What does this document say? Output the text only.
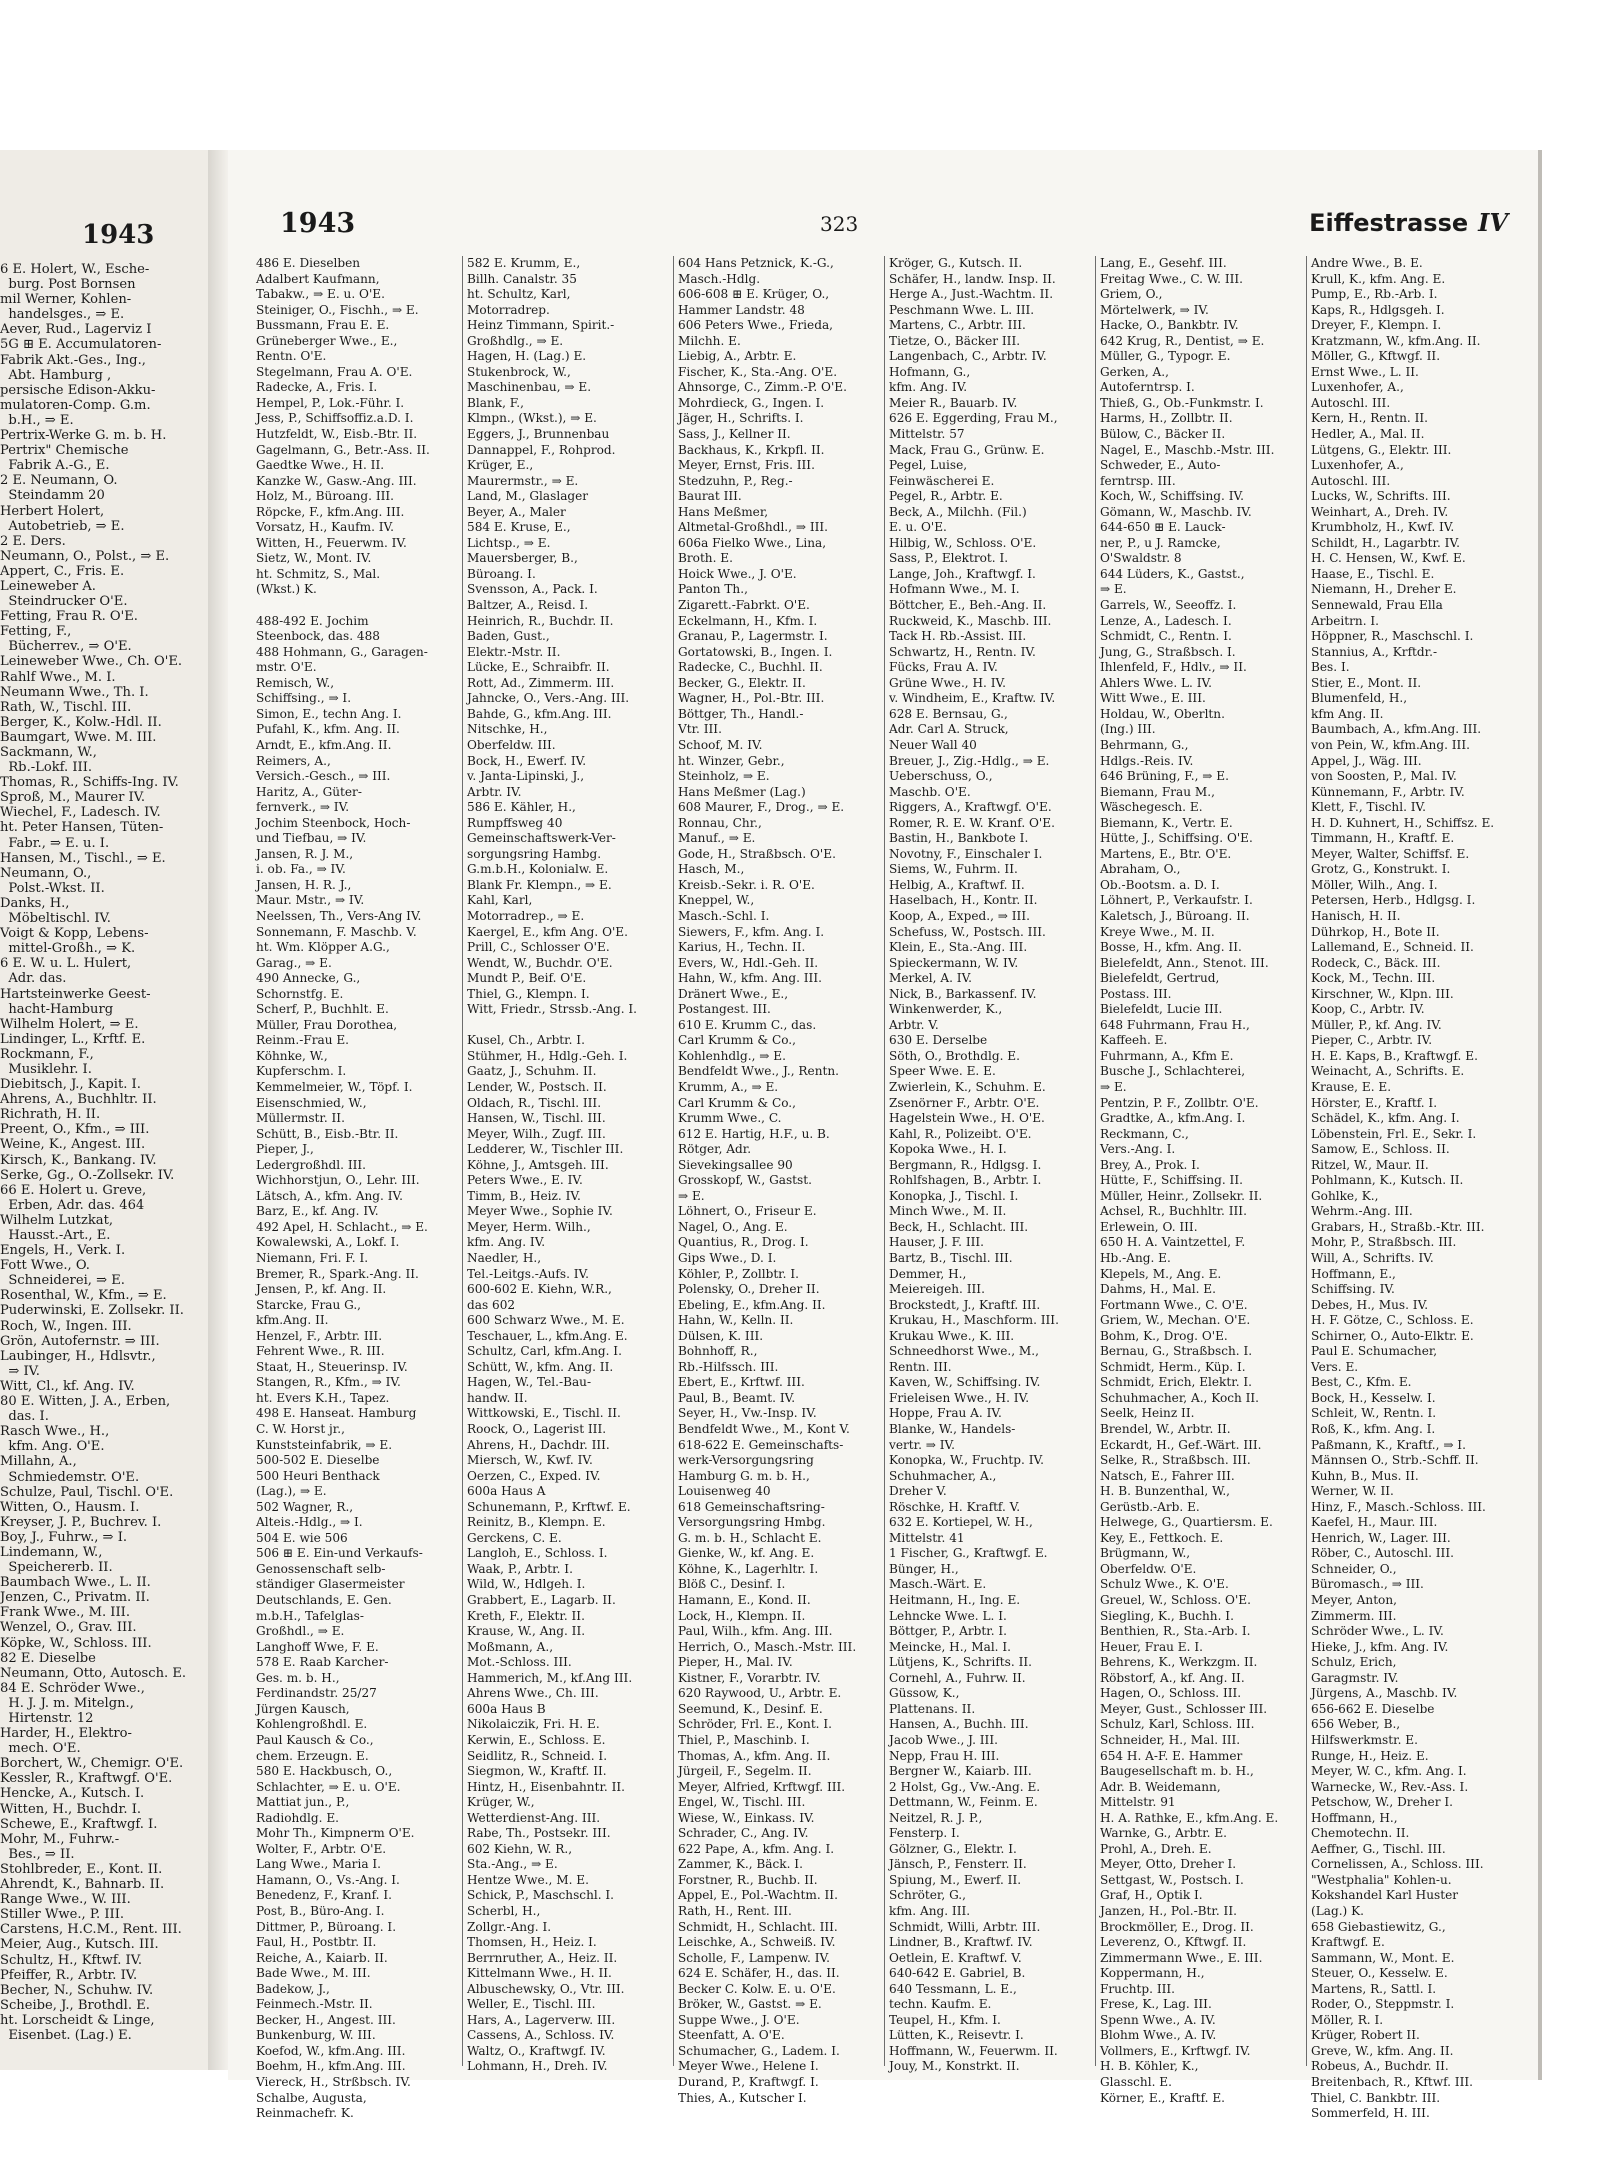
1943
6 E. Holert, W., Esche-
burg. Post Bornsen
mil Werner, Kohlen-
handelsges., ⇒ E.
Aever, Rud., Lagerviz I
5G ⊞ E. Accumulatoren-
Fabrik Akt.-Ges., Ing.,
Abt. Hamburg ,
persische Edison-Akku-
mulatoren-Comp. G.m.
b.H., ⇒ E.
Pertrix-Werke G. m. b. H.
Pertrix" Chemische
Fabrik A.-G., E.
2 E. Neumann, O.
Steindamm 20
Herbert Holert,
Autobetrieb, ⇒ E.
2 E. Ders.
Neumann, O., Polst., ⇒ E.
Appert, C., Fris. E.
Leineweber A.
Steindrucker O'E.
Fetting, Frau R. O'E.
Fetting, F.,
Bücherrev., ⇒ O'E.
Leineweber Wwe., Ch. O'E.
Rahlf Wwe., M. I.
Neumann Wwe., Th. I.
Rath, W., Tischl. III.
Berger, K., Kolw.-Hdl. II.
Baumgart, Wwe. M. III.
Sackmann, W.,
Rb.-Lokf. III.
Thomas, R., Schiffs-Ing. IV.
Sproß, M., Maurer IV.
Wiechel, F., Ladesch. IV.
ht. Peter Hansen, Tüten-
Fabr., ⇒ E. u. I.
Hansen, M., Tischl., ⇒ E.
Neumann, O.,
Polst.-Wkst. II.
Danks, H.,
Möbeltischl. IV.
Voigt & Kopp, Lebens-
mittel-Großh., ⇒ K.
6 E. W. u. L. Hulert,
Adr. das.
Hartsteinwerke Geest-
hacht-Hamburg
Wilhelm Holert, ⇒ E.
Lindinger, L., Krftf. E.
Rockmann, F.,
Musiklehr. I.
Diebitsch, J., Kapit. I.
Ahrens, A., Buchhltr. II.
Richrath, H. II.
Preent, O., Kfm., ⇒ III.
Weine, K., Angest. III.
Kirsch, K., Bankang. IV.
Serke, Gg., O.-Zollsekr. IV.
66 E. Holert u. Greve,
Erben, Adr. das. 464
Wilhelm Lutzkat,
Hausst.-Art., E.
Engels, H., Verk. I.
Fott Wwe., O.
Schneiderei, ⇒ E.
Rosenthal, W., Kfm., ⇒ E.
Puderwinski, E. Zollsekr. II.
Roch, W., Ingen. III.
Grön, Autofernstr. ⇒ III.
Laubinger, H., Hdlsvtr.,
⇒ IV.
Witt, Cl., kf. Ang. IV.
80 E. Witten, J. A., Erben,
das. I.
Rasch Wwe., H.,
kfm. Ang. O'E.
Millahn, A.,
Schmiedemstr. O'E.
Schulze, Paul, Tischl. O'E.
Witten, O., Hausm. I.
Kreyser, J. P., Buchrev. I.
Boy, J., Fuhrw., ⇒ I.
Lindemann, W.,
Speichererb. II.
Baumbach Wwe., L. II.
Jenzen, C., Privatm. II.
Frank Wwe., M. III.
Wenzel, O., Grav. III.
Köpke, W., Schloss. III.
82 E. Dieselbe
Neumann, Otto, Autosch. E.
84 E. Schröder Wwe.,
H. J. J. m. Mitelgn.,
Hirtenstr. 12
Harder, H., Elektro-
mech. O'E.
Borchert, W., Chemigr. O'E.
Kessler, R., Kraftwgf. O'E.
Hencke, A., Kutsch. I.
Witten, H., Buchdr. I.
Schewe, E., Kraftwgf. I.
Mohr, M., Fuhrw.-
Bes., ⇒ II.
Stohlbreder, E., Kont. II.
Ahrendt, K., Bahnarb. II.
Range Wwe., W. III.
Stiller Wwe., P. III.
Carstens, H.C.M., Rent. III.
Meier, Aug., Kutsch. III.
Schultz, H., Kftwf. IV.
Pfeiffer, R., Arbtr. IV.
Becher, N., Schuhw. IV.
Scheibe, J., Brothdl. E.
ht. Lorscheidt & Linge,
Eisenbet. (Lag.) E.
1943	323	Eiffestrasse IV
486 E. Dieselben
Adalbert Kaufmann,
Tabakw., ⇒ E. u. O'E.
Steiniger, O., Fischh., ⇒ E.
Bussmann, Frau E. E.
Grüneberger Wwe., E.,
Rentn. O'E.
Stegelmann, Frau A. O'E.
Radecke, A., Fris. I.
Hempel, P., Lok.-Führ. I.
Jess, P., Schiffsoffiz.a.D. I.
Hutzfeldt, W., Eisb.-Btr. II.
Gagelmann, G., Betr.-Ass. II.
Gaedtke Wwe., H. II.
Kanzke W., Gasw.-Ang. III.
Holz, M., Büroang. III.
Röpcke, F., kfm.Ang. III.
Vorsatz, H., Kaufm. IV.
Witten, H., Feuerwm. IV.
Sietz, W., Mont. IV.
ht. Schmitz, S., Mal.
(Wkst.) K.
488-492 E. Jochim
Steenbock, das. 488
488 Hohmann, G., Garagen-
mstr. O'E.
Remisch, W.,
Schiffsing., ⇒ I.
Simon, E., techn Ang. I.
Pufahl, K., kfm. Ang. II.
Arndt, E., kfm.Ang. II.
Reimers, A.,
Versich.-Gesch., ⇒ III.
Haritz, A., Güter-
fernverk., ⇒ IV.
Jochim Steenbock, Hoch-
und Tiefbau, ⇒ IV.
Jansen, R. J. M.,
i. ob. Fa., ⇒ IV.
Jansen, H. R. J.,
Maur. Mstr., ⇒ IV.
Neelssen, Th., Vers-Ang IV.
Sonnemann, F. Maschb. V.
ht. Wm. Klöpper A.G.,
Garag., ⇒ E.
490 Annecke, G.,
Schornstfg. E.
Scherf, P., Buchhlt. E.
Müller, Frau Dorothea,
Reinm.-Frau E.
Köhnke, W.,
Kupferschm. I.
Kemmelmeier, W., Töpf. I.
Eisenschmied, W.,
Müllermstr. II.
Schütt, B., Eisb.-Btr. II.
Pieper, J.,
Ledergroßhdl. III.
Wichhorstjun, O., Lehr. III.
Lätsch, A., kfm. Ang. IV.
Barz, E., kf. Ang. IV.
492 Apel, H. Schlacht., ⇒ E.
Kowalewski, A., Lokf. I.
Niemann, Fri. F. I.
Bremer, R., Spark.-Ang. II.
Jensen, P., kf. Ang. II.
Starcke, Frau G.,
kfm.Ang. II.
Henzel, F., Arbtr. III.
Fehrent Wwe., R. III.
Staat, H., Steuerinsp. IV.
Stangen, R., Kfm., ⇒ IV.
ht. Evers K.H., Tapez.
498 E. Hanseat. Hamburg
C. W. Horst jr.,
Kunststeinfabrik, ⇒ E.
500-502 E. Dieselbe
500 Heuri Benthack
(Lag.), ⇒ E.
502 Wagner, R.,
Alteis.-Hdlg., ⇒ I.
504 E. wie 506
506 ⊞ E. Ein-und Verkaufs-
Genossenschaft selb-
ständiger Glasermeister
Deutschlands, E. Gen.
m.b.H., Tafelglas-
Großhdl., ⇒ E.
Langhoff Wwe, F. E.
578 E. Raab Karcher-
Ges. m. b. H.,
Ferdinandstr. 25/27
Jürgen Kausch,
Kohlengroßhdl. E.
Paul Kausch & Co.,
chem. Erzeugn. E.
580 E. Hackbusch, O.,
Schlachter, ⇒ E. u. O'E.
Mattiat jun., P.,
Radiohdlg. E.
Mohr Th., Kimpnerm O'E.
Wolter, F., Arbtr. O'E.
Lang Wwe., Maria I.
Hamann, O., Vs.-Ang. I.
Benedenz, F., Kranf. I.
Post, B., Büro-Ang. I.
Dittmer, P., Büroang. I.
Faul, H., Postbtr. II.
Reiche, A., Kaiarb. II.
Bade Wwe., M. III.
Badekow, J.,
Feinmech.-Mstr. II.
Becker, H., Angest. III.
Bunkenburg, W. III.
Koefod, W., kfm.Ang. III.
Boehm, H., kfm.Ang. III.
Viereck, H., Strßbsch. IV.
Schalbe, Augusta,
Reinmachefr. K.
582 E. Krumm, E.,
Billh. Canalstr. 35
ht. Schultz, Karl,
Motorradrep.
Heinz Timmann, Spirit.-
Großhdlg., ⇒ E.
Hagen, H. (Lag.) E.
Stukenbrock, W.,
Maschinenbau, ⇒ E.
Blank, F.,
Klmpn., (Wkst.), ⇒ E.
Eggers, J., Brunnenbau
Dannappel, F., Rohprod.
Krüger, E.,
Maurermstr., ⇒ E.
Land, M., Glaslager
Beyer, A., Maler
584 E. Kruse, E.,
Lichtsp., ⇒ E.
Mauersberger, B.,
Büroang. I.
Svensson, A., Pack. I.
Baltzer, A., Reisd. I.
Heinrich, R., Buchdr. II.
Baden, Gust.,
Elektr.-Mstr. II.
Lücke, E., Schraibfr. II.
Rott, Ad., Zimmerm. III.
Jahncke, O., Vers.-Ang. III.
Bahde, G., kfm.Ang. III.
Nitschke, H.,
Oberfeldw. III.
Bock, H., Ewerf. IV.
v. Janta-Lipinski, J.,
Arbtr. IV.
586 E. Kähler, H.,
Rumpffsweg 40
Gemeinschaftswerk-Ver-
sorgungsring Hambg.
G.m.b.H., Kolonialw. E.
Blank Fr. Klempn., ⇒ E.
Kahl, Karl,
Motorradrep., ⇒ E.
Kaergel, E., kfm Ang. O'E.
Prill, C., Schlosser O'E.
Wendt, W., Buchdr. O'E.
Mundt P., Beif. O'E.
Thiel, G., Klempn. I.
Witt, Friedr., Strssb.-Ang. I.
Kusel, Ch., Arbtr. I.
Stühmer, H., Hdlg.-Geh. I.
Gaatz, J., Schuhm. II.
Lender, W., Postsch. II.
Oldach, R., Tischl. III.
Hansen, W., Tischl. III.
Meyer, Wilh., Zugf. III.
Ledderer, W., Tischler III.
Köhne, J., Amtsgeh. III.
Peters Wwe., E. IV.
Timm, B., Heiz. IV.
Meyer Wwe., Sophie IV.
Meyer, Herm. Wilh.,
kfm. Ang. IV.
Naedler, H.,
Tel.-Leitgs.-Aufs. IV.
600-602 E. Kiehn, W.R.,
das 602
600 Schwarz Wwe., M. E.
Teschauer, L., kfm.Ang. E.
Schultz, Carl, kfm.Ang. I.
Schütt, W., kfm. Ang. II.
Hagen, W., Tel.-Bau-
handw. II.
Wittkowski, E., Tischl. II.
Roock, O., Lagerist III.
Ahrens, H., Dachdr. III.
Miersch, W., Kwf. IV.
Oerzen, C., Exped. IV.
600a Haus A
Schunemann, P., Krftwf. E.
Reinitz, B., Klempn. E.
Gerckens, C. E.
Langloh, E., Schloss. I.
Waak, P., Arbtr. I.
Wild, W., Hdlgeh. I.
Grabbert, E., Lagarb. II.
Kreth, F., Elektr. II.
Krause, W., Ang. II.
Moßmann, A.,
Mot.-Schloss. III.
Hammerich, M., kf.Ang III.
Ahrens Wwe., Ch. III.
600a Haus B
Nikolaiczik, Fri. H. E.
Kerwin, E., Schloss. E.
Seidlitz, R., Schneid. I.
Siegmon, W., Kraftf. II.
Hintz, H., Eisenbahntr. II.
Krüger, W.,
Wetterdienst-Ang. III.
Rabe, Th., Postsekr. III.
602 Kiehn, W. R.,
Sta.-Ang., ⇒ E.
Hentze Wwe., M. E.
Schick, P., Maschschl. I.
Scherbl, H.,
Zollgr.-Ang. I.
Thomsen, H., Heiz. I.
Berrnruther, A., Heiz. II.
Kittelmann Wwe., H. II.
Albuschewsky, O., Vtr. III.
Weller, E., Tischl. III.
Hars, A., Lagerverw. III.
Cassens, A., Schloss. IV.
Waltz, O., Kraftwgf. IV.
Lohmann, H., Dreh. IV.
604 Hans Petznick, K.-G.,
Masch.-Hdlg.
606-608 ⊞ E. Krüger, O.,
Hammer Landstr. 48
606 Peters Wwe., Frieda,
Milchh. E.
Liebig, A., Arbtr. E.
Fischer, K., Sta.-Ang. O'E.
Ahnsorge, C., Zimm.-P. O'E.
Mohrdieck, G., Ingen. I.
Jäger, H., Schrifts. I.
Sass, J., Kellner II.
Backhaus, K., Krkpfl. II.
Meyer, Ernst, Fris. III.
Stedzuhn, P., Reg.-
Baurat III.
Hans Meßmer,
Altmetal-Großhdl., ⇒ III.
606a Fielko Wwe., Lina,
Broth. E.
Hoick Wwe., J. O'E.
Panton Th.,
Zigarett.-Fabrkt. O'E.
Eckelmann, H., Kfm. I.
Granau, P., Lagermstr. I.
Gortatowski, B., Ingen. I.
Radecke, C., Buchhl. II.
Becker, G., Elektr. II.
Wagner, H., Pol.-Btr. III.
Böttger, Th., Handl.-
Vtr. III.
Schoof, M. IV.
ht. Winzer, Gebr.,
Steinholz, ⇒ E.
Hans Meßmer (Lag.)
608 Maurer, F., Drog., ⇒ E.
Ronnau, Chr.,
Manuf., ⇒ E.
Gode, H., Straßbsch. O'E.
Hasch, M.,
Kreisb.-Sekr. i. R. O'E.
Kneppel, W.,
Masch.-Schl. I.
Siewers, F., kfm. Ang. I.
Karius, H., Techn. II.
Evers, W., Hdl.-Geh. II.
Hahn, W., kfm. Ang. III.
Dränert Wwe., E.,
Postangest. III.
610 E. Krumm C., das.
Carl Krumm & Co.,
Kohlenhdlg., ⇒ E.
Bendfeldt Wwe., J., Rentn.
Krumm, A., ⇒ E.
Carl Krumm & Co.,
Krumm Wwe., C.
612 E. Hartig, H.F., u. B.
Rötger, Adr.
Sievekingsallee 90
Grosskopf, W., Gastst.
⇒ E.
Löhnert, O., Friseur E.
Nagel, O., Ang. E.
Quantius, R., Drog. I.
Gips Wwe., D. I.
Köhler, P., Zollbtr. I.
Polensky, O., Dreher II.
Ebeling, E., kfm.Ang. II.
Hahn, W., Kelln. II.
Dülsen, K. III.
Bohnhoff, R.,
Rb.-Hilfssch. III.
Ebert, E., Krftwf. III.
Paul, B., Beamt. IV.
Seyer, H., Vw.-Insp. IV.
Bendfeldt Wwe., M., Kont V.
618-622 E. Gemeinschafts-
werk-Versorgungsring
Hamburg G. m. b. H.,
Louisenweg 40
618 Gemeinschaftsring-
Versorgungsring Hmbg.
G. m. b. H., Schlacht E.
Gienke, W., kf. Ang. E.
Köhne, K., Lagerhltr. I.
Blöß C., Desinf. I.
Hamann, E., Kond. II.
Lock, H., Klempn. II.
Paul, Wilh., kfm. Ang. III.
Herrich, O., Masch.-Mstr. III.
Pieper, H., Mal. IV.
Kistner, F., Vorarbtr. IV.
620 Raywood, U., Arbtr. E.
Seemund, K., Desinf. E.
Schröder, Frl. E., Kont. I.
Thiel, P., Maschinb. I.
Thomas, A., kfm. Ang. II.
Jürgeil, F., Segelm. II.
Meyer, Alfried, Krftwgf. III.
Engel, W., Tischl. III.
Wiese, W., Einkass. IV.
Schrader, C., Ang. IV.
622 Pape, A., kfm. Ang. I.
Zammer, K., Bäck. I.
Forstner, R., Buchb. II.
Appel, E., Pol.-Wachtm. II.
Rath, H., Rent. III.
Schmidt, H., Schlacht. III.
Leischke, A., Schweiß. IV.
Scholle, F., Lampenw. IV.
624 E. Schäfer, H., das. II.
Becker C. Kolw. E. u. O'E.
Bröker, W., Gastst. ⇒ E.
Suppe Wwe., J. O'E.
Steenfatt, A. O'E.
Schumacher, G., Ladem. I.
Meyer Wwe., Helene I.
Durand, P., Kraftwgf. I.
Thies, A., Kutscher I.
Kröger, G., Kutsch. II.
Schäfer, H., landw. Insp. II.
Herge A., Just.-Wachtm. II.
Peschmann Wwe. L. III.
Martens, C., Arbtr. III.
Tietze, O., Bäcker III.
Langenbach, C., Arbtr. IV.
Hofmann, G.,
kfm. Ang. IV.
Meier R., Bauarb. IV.
626 E. Eggerding, Frau M.,
Mittelstr. 57
Mack, Frau G., Grünw. E.
Pegel, Luise,
Feinwäscherei E.
Pegel, R., Arbtr. E.
Beck, A., Milchh. (Fil.)
E. u. O'E.
Hilbig, W., Schloss. O'E.
Sass, P., Elektrot. I.
Lange, Joh., Kraftwgf. I.
Hofmann Wwe., M. I.
Böttcher, E., Beh.-Ang. II.
Ruckweid, K., Maschb. III.
Tack H. Rb.-Assist. III.
Schwartz, H., Rentn. IV.
Fücks, Frau A. IV.
Grüne Wwe., H. IV.
v. Windheim, E., Kraftw. IV.
628 E. Bernsau, G.,
Adr. Carl A. Struck,
Neuer Wall 40
Breuer, J., Zig.-Hdlg., ⇒ E.
Ueberschuss, O.,
Maschb. O'E.
Riggers, A., Kraftwgf. O'E.
Romer, R. E. W. Kranf. O'E.
Bastin, H., Bankbote I.
Novotny, F., Einschaler I.
Siems, W., Fuhrm. II.
Helbig, A., Kraftwf. II.
Haselbach, H., Kontr. II.
Koop, A., Exped., ⇒ III.
Schefuss, W., Postsch. III.
Klein, E., Sta.-Ang. III.
Spieckermann, W. IV.
Merkel, A. IV.
Nick, B., Barkassenf. IV.
Winkenwerder, K.,
Arbtr. V.
630 E. Derselbe
Söth, O., Brothdlg. E.
Speer Wwe. E. E.
Zwierlein, K., Schuhm. E.
Zsenörner F., Arbtr. O'E.
Hagelstein Wwe., H. O'E.
Kahl, R., Polizeibt. O'E.
Kopoka Wwe., H. I.
Bergmann, R., Hdlgsg. I.
Rohlfshagen, B., Arbtr. I.
Konopka, J., Tischl. I.
Minch Wwe., M. II.
Beck, H., Schlacht. III.
Hauser, J. F. III.
Bartz, B., Tischl. III.
Demmer, H.,
Meiereigeh. III.
Brockstedt, J., Kraftf. III.
Krukau, H., Maschform. III.
Krukau Wwe., K. III.
Schneedhorst Wwe., M.,
Rentn. III.
Kaven, W., Schiffsing. IV.
Frieleisen Wwe., H. IV.
Hoppe, Frau A. IV.
Blanke, W., Handels-
vertr. ⇒ IV.
Konopka, W., Fruchtp. IV.
Schuhmacher, A.,
Dreher V.
Röschke, H. Kraftf. V.
632 E. Kortiepel, W. H.,
Mittelstr. 41
1 Fischer, G., Kraftwgf. E.
Bünger, H.,
Masch.-Wärt. E.
Heitmann, H., Ing. E.
Lehncke Wwe. L. I.
Böttger, P., Arbtr. I.
Meincke, H., Mal. I.
Lütjens, K., Schrifts. II.
Cornehl, A., Fuhrw. II.
Güssow, K.,
Plattenans. II.
Hansen, A., Buchh. III.
Jacob Wwe., J. III.
Nepp, Frau H. III.
Bergner W., Kaiarb. III.
2 Holst, Gg., Vw.-Ang. E.
Dettmann, W., Feinm. E.
Neitzel, R. J. P.,
Fensterp. I.
Gölzner, G., Elektr. I.
Jänsch, P., Fensterr. II.
Spiung, M., Ewerf. II.
Schröter, G.,
kfm. Ang. III.
Schmidt, Willi, Arbtr. III.
Lindner, B., Kraftwf. IV.
Oetlein, E. Kraftwf. V.
640-642 E. Gabriel, B.
640 Tessmann, L. E.,
techn. Kaufm. E.
Teupel, H., Kfm. I.
Lütten, K., Reisevtr. I.
Hoffmann, W., Feuerwm. II.
Jouy, M., Konstrkt. II.
Lang, E., Gesehf. III.
Freitag Wwe., C. W. III.
Griem, O.,
Mörtelwerk, ⇒ IV.
Hacke, O., Bankbtr. IV.
642 Krug, R., Dentist, ⇒ E.
Müller, G., Typogr. E.
Gerken, A.,
Autoferntrsp. I.
Thieß, G., Ob.-Funkmstr. I.
Harms, H., Zollbtr. II.
Bülow, C., Bäcker II.
Nagel, E., Maschb.-Mstr. III.
Schweder, E., Auto-
ferntrsp. III.
Koch, W., Schiffsing. IV.
Gömann, W., Maschb. IV.
644-650 ⊞ E. Lauck-
ner, P., u J. Ramcke,
O'Swaldstr. 8
644 Lüders, K., Gastst.,
⇒ E.
Garrels, W., Seeoffz. I.
Lenze, A., Ladesch. I.
Schmidt, C., Rentn. I.
Jung, G., Straßbsch. I.
Ihlenfeld, F., Hdlv., ⇒ II.
Ahlers Wwe. L. IV.
Witt Wwe., E. III.
Holdau, W., Oberltn.
(Ing.) III.
Behrmann, G.,
Hdlgs.-Reis. IV.
646 Brüning, F., ⇒ E.
Biemann, Frau M.,
Wäschegesch. E.
Biemann, K., Vertr. E.
Hütte, J., Schiffsing. O'E.
Martens, E., Btr. O'E.
Abraham, O.,
Ob.-Bootsm. a. D. I.
Löhnert, P., Verkaufstr. I.
Kaletsch, J., Büroang. II.
Kreye Wwe., M. II.
Bosse, H., kfm. Ang. II.
Bielefeldt, Ann., Stenot. III.
Bielefeldt, Gertrud,
Postass. III.
Bielefeldt, Lucie III.
648 Fuhrmann, Frau H.,
Kaffeeh. E.
Fuhrmann, A., Kfm E.
Busche J., Schlachterei,
⇒ E.
Pentzin, P. F., Zollbtr. O'E.
Gradtke, A., kfm.Ang. I.
Reckmann, C.,
Vers.-Ang. I.
Brey, A., Prok. I.
Hütte, F., Schiffsing. II.
Müller, Heinr., Zollsekr. II.
Achsel, R., Buchhltr. III.
Erlewein, O. III.
650 H. A. Vaintzettel, F.
Hb.-Ang. E.
Klepels, M., Ang. E.
Dahms, H., Mal. E.
Fortmann Wwe., C. O'E.
Griem, W., Mechan. O'E.
Bohm, K., Drog. O'E.
Bernau, G., Straßbsch. I.
Schmidt, Herm., Küp. I.
Schmidt, Erich, Elektr. I.
Schuhmacher, A., Koch II.
Seelk, Heinz II.
Brendel, W., Arbtr. II.
Eckardt, H., Gef.-Wärt. III.
Selke, R., Straßbsch. III.
Natsch, E., Fahrer III.
H. B. Bunzenthal, W.,
Gerüstb.-Arb. E.
Helwege, G., Quartiersm. E.
Key, E., Fettkoch. E.
Brügmann, W.,
Oberfeldw. O'E.
Schulz Wwe., K. O'E.
Greuel, W., Schloss. O'E.
Siegling, K., Buchh. I.
Benthien, R., Sta.-Arb. I.
Heuer, Frau E. I.
Behrens, K., Werkzgm. II.
Röbstorf, A., kf. Ang. II.
Hagen, O., Schloss. III.
Meyer, Gust., Schlosser III.
Schulz, Karl, Schloss. III.
Schneider, H., Mal. III.
654 H. A-F. E. Hammer
Baugesellschaft m. b. H.,
Adr. B. Weidemann,
Mittelstr. 91
H. A. Rathke, E., kfm.Ang. E.
Warnke, G., Arbtr. E.
Prohl, A., Dreh. E.
Meyer, Otto, Dreher I.
Settgast, W., Postsch. I.
Graf, H., Optik I.
Janzen, H., Pol.-Btr. II.
Brockmöller, E., Drog. II.
Leverenz, O., Kftwgf. II.
Zimmermann Wwe., E. III.
Koppermann, H.,
Fruchtp. III.
Frese, K., Lag. III.
Spenn Wwe., A. IV.
Blohm Wwe., A. IV.
Vollmers, E., Krftwgf. IV.
H. B. Köhler, K.,
Glasschl. E.
Körner, E., Kraftf. E.
Andre Wwe., B. E.
Krull, K., kfm. Ang. E.
Pump, E., Rb.-Arb. I.
Kaps, R., Hdlgsgeh. I.
Dreyer, F., Klempn. I.
Kratzmann, W., kfm.Ang. II.
Möller, G., Kftwgf. II.
Ernst Wwe., L. II.
Luxenhofer, A.,
Autoschl. III.
Kern, H., Rentn. II.
Hedler, A., Mal. II.
Lütgens, G., Elektr. III.
Luxenhofer, A.,
Autoschl. III.
Lucks, W., Schrifts. III.
Weinhart, A., Dreh. IV.
Krumbholz, H., Kwf. IV.
Schildt, H., Lagarbtr. IV.
H. C. Hensen, W., Kwf. E.
Haase, E., Tischl. E.
Niemann, H., Dreher E.
Sennewald, Frau Ella
Arbeitrn. I.
Höppner, R., Maschschl. I.
Stannius, A., Krftdr.-
Bes. I.
Stier, E., Mont. II.
Blumenfeld, H.,
kfm Ang. II.
Baumbach, A., kfm.Ang. III.
von Pein, W., kfm.Ang. III.
Appel, J., Wäg. III.
von Soosten, P., Mal. IV.
Künnemann, F., Arbtr. IV.
Klett, F., Tischl. IV.
H. D. Kuhnert, H., Schiffsz. E.
Timmann, H., Kraftf. E.
Meyer, Walter, Schiffsf. E.
Grotz, G., Konstrukt. I.
Möller, Wilh., Ang. I.
Petersen, Herb., Hdlgsg. I.
Hanisch, H. II.
Dührkop, H., Bote II.
Lallemand, E., Schneid. II.
Rodeck, C., Bäck. III.
Kock, M., Techn. III.
Kirschner, W., Klpn. III.
Koop, C., Arbtr. IV.
Müller, P., kf. Ang. IV.
Pieper, C., Arbtr. IV.
H. E. Kaps, B., Kraftwgf. E.
Weinacht, A., Schrifts. E.
Krause, E. E.
Hörster, E., Kraftf. I.
Schädel, K., kfm. Ang. I.
Löbenstein, Frl. E., Sekr. I.
Samow, E., Schloss. II.
Ritzel, W., Maur. II.
Pohlmann, K., Kutsch. II.
Gohlke, K.,
Wehrm.-Ang. III.
Grabars, H., Straßb.-Ktr. III.
Mohr, P., Straßbsch. III.
Will, A., Schrifts. IV.
Hoffmann, E.,
Schiffsing. IV.
Debes, H., Mus. IV.
H. F. Götze, C., Schloss. E.
Schirner, O., Auto-Elktr. E.
Paul E. Schumacher,
Vers. E.
Best, C., Kfm. E.
Bock, H., Kesselw. I.
Schleit, W., Rentn. I.
Roß, K., kfm. Ang. I.
Paßmann, K., Kraftf., ⇒ I.
Männsen O., Strb.-Schff. II.
Kuhn, B., Mus. II.
Werner, W. II.
Hinz, F., Masch.-Schloss. III.
Kaefel, H., Maur. III.
Henrich, W., Lager. III.
Röber, C., Autoschl. III.
Schneider, O.,
Büromasch., ⇒ III.
Meyer, Anton,
Zimmerm. III.
Schröder Wwe., L. IV.
Hieke, J., kfm. Ang. IV.
Schulz, Erich,
Garagmstr. IV.
Jürgens, A., Maschb. IV.
656-662 E. Dieselbe
656 Weber, B.,
Hilfswerkmstr. E.
Runge, H., Heiz. E.
Meyer, W. C., kfm. Ang. I.
Warnecke, W., Rev.-Ass. I.
Petschow, W., Dreher I.
Hoffmann, H.,
Chemotechn. II.
Aeffner, G., Tischl. III.
Cornelissen, A., Schloss. III.
"Westphalia" Kohlen-u.
Kokshandel Karl Huster
(Lag.) K.
658 Giebastiewitz, G.,
Kraftwgf. E.
Sammann, W., Mont. E.
Steuer, O., Kesselw. E.
Martens, R., Sattl. I.
Roder, O., Steppmstr. I.
Möller, R. I.
Krüger, Robert II.
Greve, W., kfm. Ang. II.
Robeus, A., Buchdr. II.
Breitenbach, R., Kftwf. III.
Thiel, C. Bankbtr. III.
Sommerfeld, H. III.
